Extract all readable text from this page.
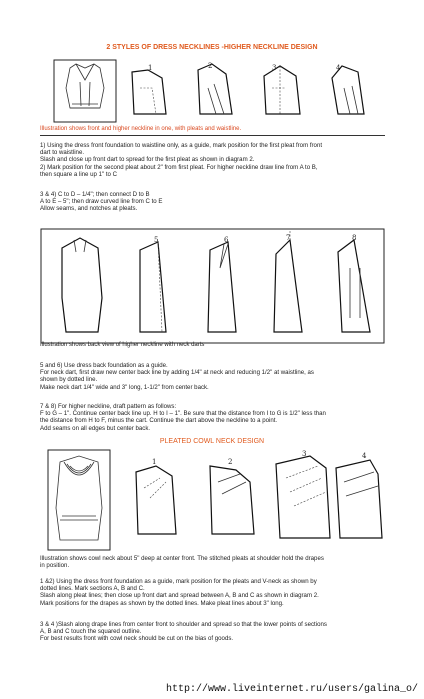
2 STYLES OF DRESS NECKLINES -HIGHER NECKLINE DESIGN
1	2	3	4
Illustration shows front and higher neckline in one, with pleats and waistline.
1) Using the dress front foundation to waistline only, as a guide, mark position for the first pleat from front
dart to waistline.
Slash and close up front dart to spread for the first pleat as shown in diagram 2.
2) Mark position for the second pleat about 2" from first pleat. For higher neckline draw line from A to B,
then square a line up 1" to C
3 & 4) C to D – 1/4"; then connect D to B
A to E – 5"; then draw curved line from C to E
Allow seams, and notches at pleats.
5	6	7	8
Illustration shows back view of higher neckline with neck darts
5 and 6) Use dress back foundation as a guide.
For neck dart, first draw new center back line by adding 1/4" at neck and reducing 1/2" at waistline, as
shown by dotted line.
Make neck dart 1/4" wide and 3" long, 1-1/2" from center back.
7 & 8) For higher neckline, draft pattern as follows:
F to G – 1". Continue center back line up. H to I – 1". Be sure that the distance from I to G is 1/2" less than
the distance from H to F, minus the cart. Continue the dart above the neckline to a point.
Add seams on all edges but center back.
PLEATED COWL NECK DESIGN
1	2
3	4
Illustration shows cowl neck about 5" deep at center front. The stitched pleats at shoulder hold the drapes
in position.
1 &2) Using the dress front foundation as a guide, mark position for the pleats and V-neck as shown by
dotted lines. Mark sections A, B and C.
Slash along pleat lines; then close up front dart and spread between A, B and C as shown in diagram 2.
Mark positions for the drapes as shown by the dotted lines. Make pleat lines about 3" long.
3 & 4 )Slash along drape lines from center front to shoulder and spread so that the lower points of sections
A, B and C touch the squared outline.
For best results front with cowl neck should be cut on the bias of goods.
http://www.liveinternet.ru/users/galina_o/
